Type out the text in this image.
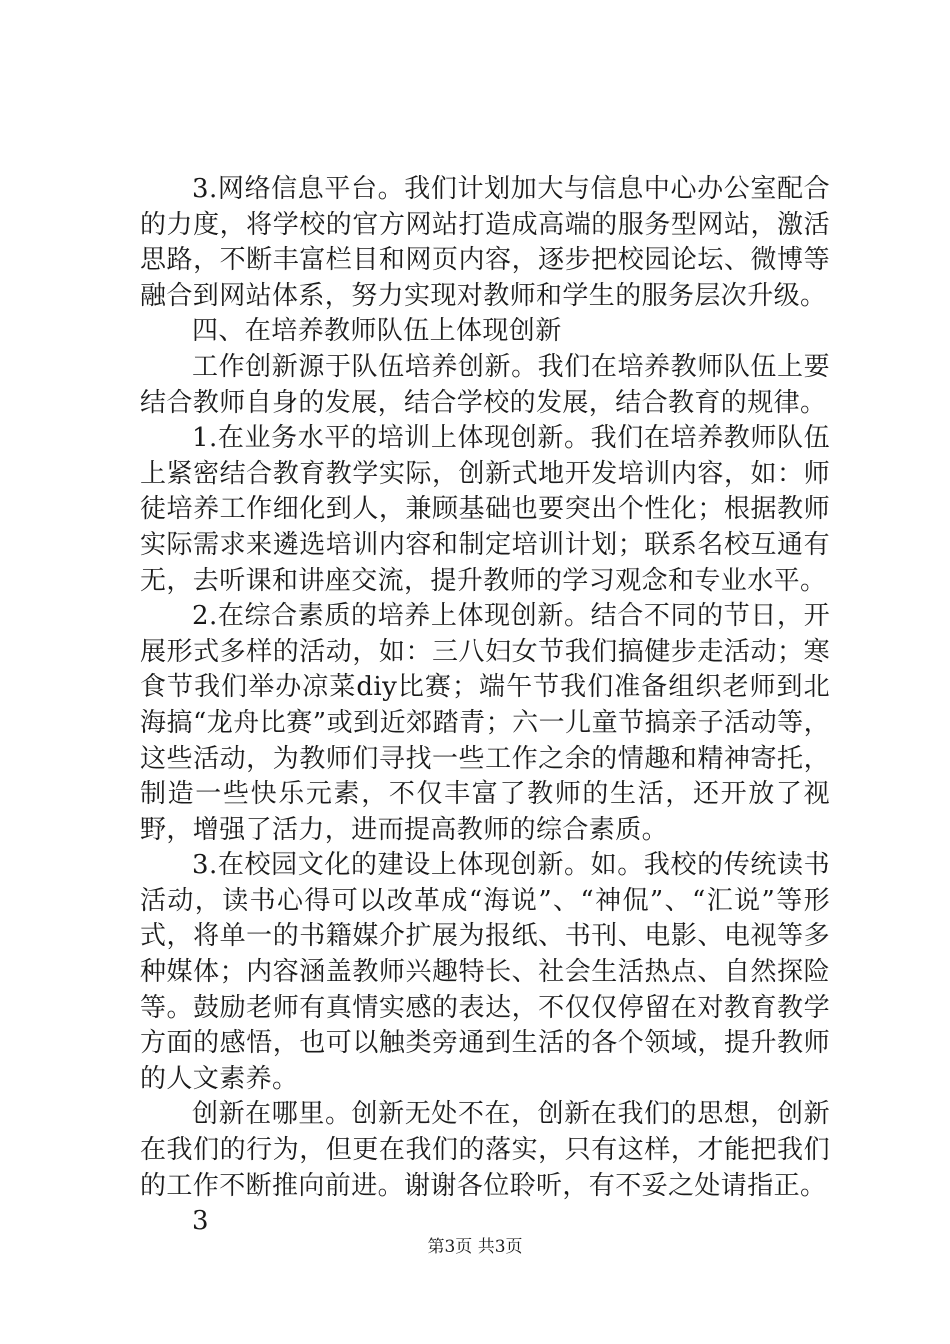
3.网络信息平台。我们计划加大与信息中心办公室配合的力度，将学校的官方网站打造成高端的服务型网站，激活思路，不断丰富栏目和网页内容，逐步把校园论坛、微博等融合到网站体系，努力实现对教师和学生的服务层次升级。

四、在培养教师队伍上体现创新

工作创新源于队伍培养创新。我们在培养教师队伍上要结合教师自身的发展，结合学校的发展，结合教育的规律。

1.在业务水平的培训上体现创新。我们在培养教师队伍上紧密结合教育教学实际，创新式地开发培训内容，如：师徒培养工作细化到人，兼顾基础也要突出个性化；根据教师实际需求来遴选培训内容和制定培训计划；联系名校互通有无，去听课和讲座交流，提升教师的学习观念和专业水平。

2.在综合素质的培养上体现创新。结合不同的节日，开展形式多样的活动，如：三八妇女节我们搞健步走活动；寒食节我们举办凉菜diy比赛；端午节我们准备组织老师到北海搞“龙舟比赛”或到近郊踏青；六一儿童节搞亲子活动等，这些活动，为教师们寻找一些工作之余的情趣和精神寄托，制造一些快乐元素，不仅丰富了教师的生活，还开放了视野，增强了活力，进而提高教师的综合素质。

3.在校园文化的建设上体现创新。如。我校的传统读书活动，读书心得可以改革成“海说”、“神侃”、“汇说”等形式，将单一的书籍媒介扩展为报纸、书刊、电影、电视等多种媒体；内容涵盖教师兴趣特长、社会生活热点、自然探险等。鼓励老师有真情实感的表达，不仅仅停留在对教育教学方面的感悟，也可以触类旁通到生活的各个领域，提升教师的人文素养。

创新在哪里。创新无处不在，创新在我们的思想，创新在我们的行为，但更在我们的落实，只有这样，才能把我们的工作不断推向前进。谢谢各位聆听，有不妥之处请指正。

3

第3页 共3页
